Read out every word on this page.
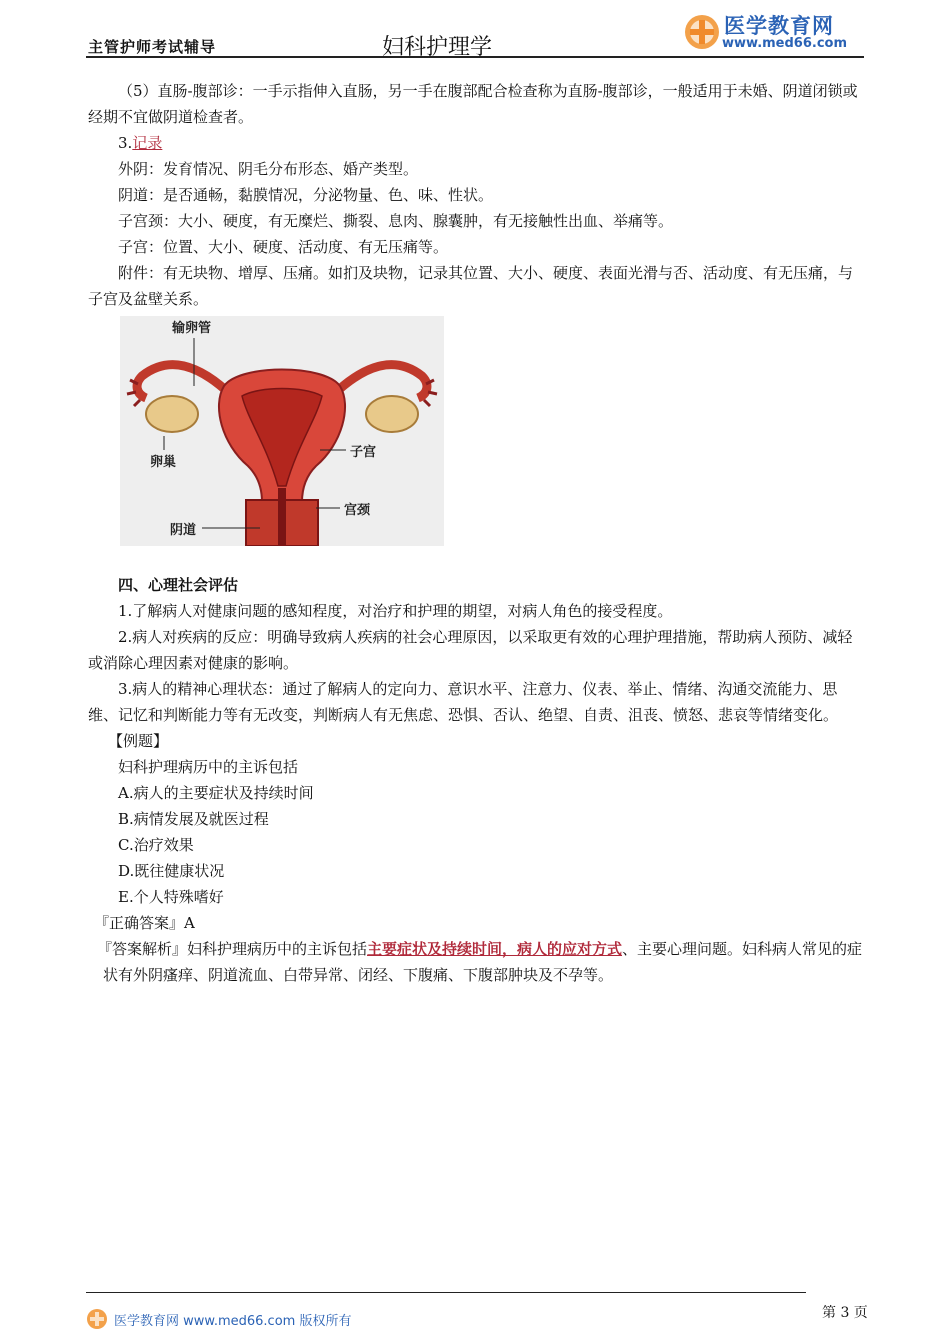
主管护师考试辅导	妇科护理学
医学教育网
www.med66.com

（5）直肠-腹部诊：一手示指伸入直肠，另一手在腹部配合检查称为直肠-腹部诊，一般适用于未婚、阴道闭锁或经期不宜做阴道检查者。

3.记录

外阴：发育情况、阴毛分布形态、婚产类型。

阴道：是否通畅，黏膜情况，分泌物量、色、味、性状。

子宫颈：大小、硬度，有无糜烂、撕裂、息肉、腺囊肿，有无接触性出血、举痛等。

子宫：位置、大小、硬度、活动度、有无压痛等。

附件：有无块物、增厚、压痛。如扪及块物，记录其位置、大小、硬度、表面光滑与否、活动度、有无压痛，与子宫及盆壁关系。

输卵管
卵巢
子宫
宫颈
阴道

四、心理社会评估

1.了解病人对健康问题的感知程度，对治疗和护理的期望，对病人角色的接受程度。

2.病人对疾病的反应：明确导致病人疾病的社会心理原因，以采取更有效的心理护理措施，帮助病人预防、减轻或消除心理因素对健康的影响。

3.病人的精神心理状态：通过了解病人的定向力、意识水平、注意力、仪表、举止、情绪、沟通交流能力、思维、记忆和判断能力等有无改变，判断病人有无焦虑、恐惧、否认、绝望、自责、沮丧、愤怒、悲哀等情绪变化。

【例题】

妇科护理病历中的主诉包括

A.病人的主要症状及持续时间

B.病情发展及就医过程

C.治疗效果

D.既往健康状况

E.个人特殊嗜好

『正确答案』A

『答案解析』妇科护理病历中的主诉包括主要症状及持续时间，病人的应对方式、主要心理问题。妇科病人常见的症状有外阴瘙痒、阴道流血、白带异常、闭经、下腹痛、下腹部肿块及不孕等。

医学教育网 www.med66.com 版权所有
第 3 页
